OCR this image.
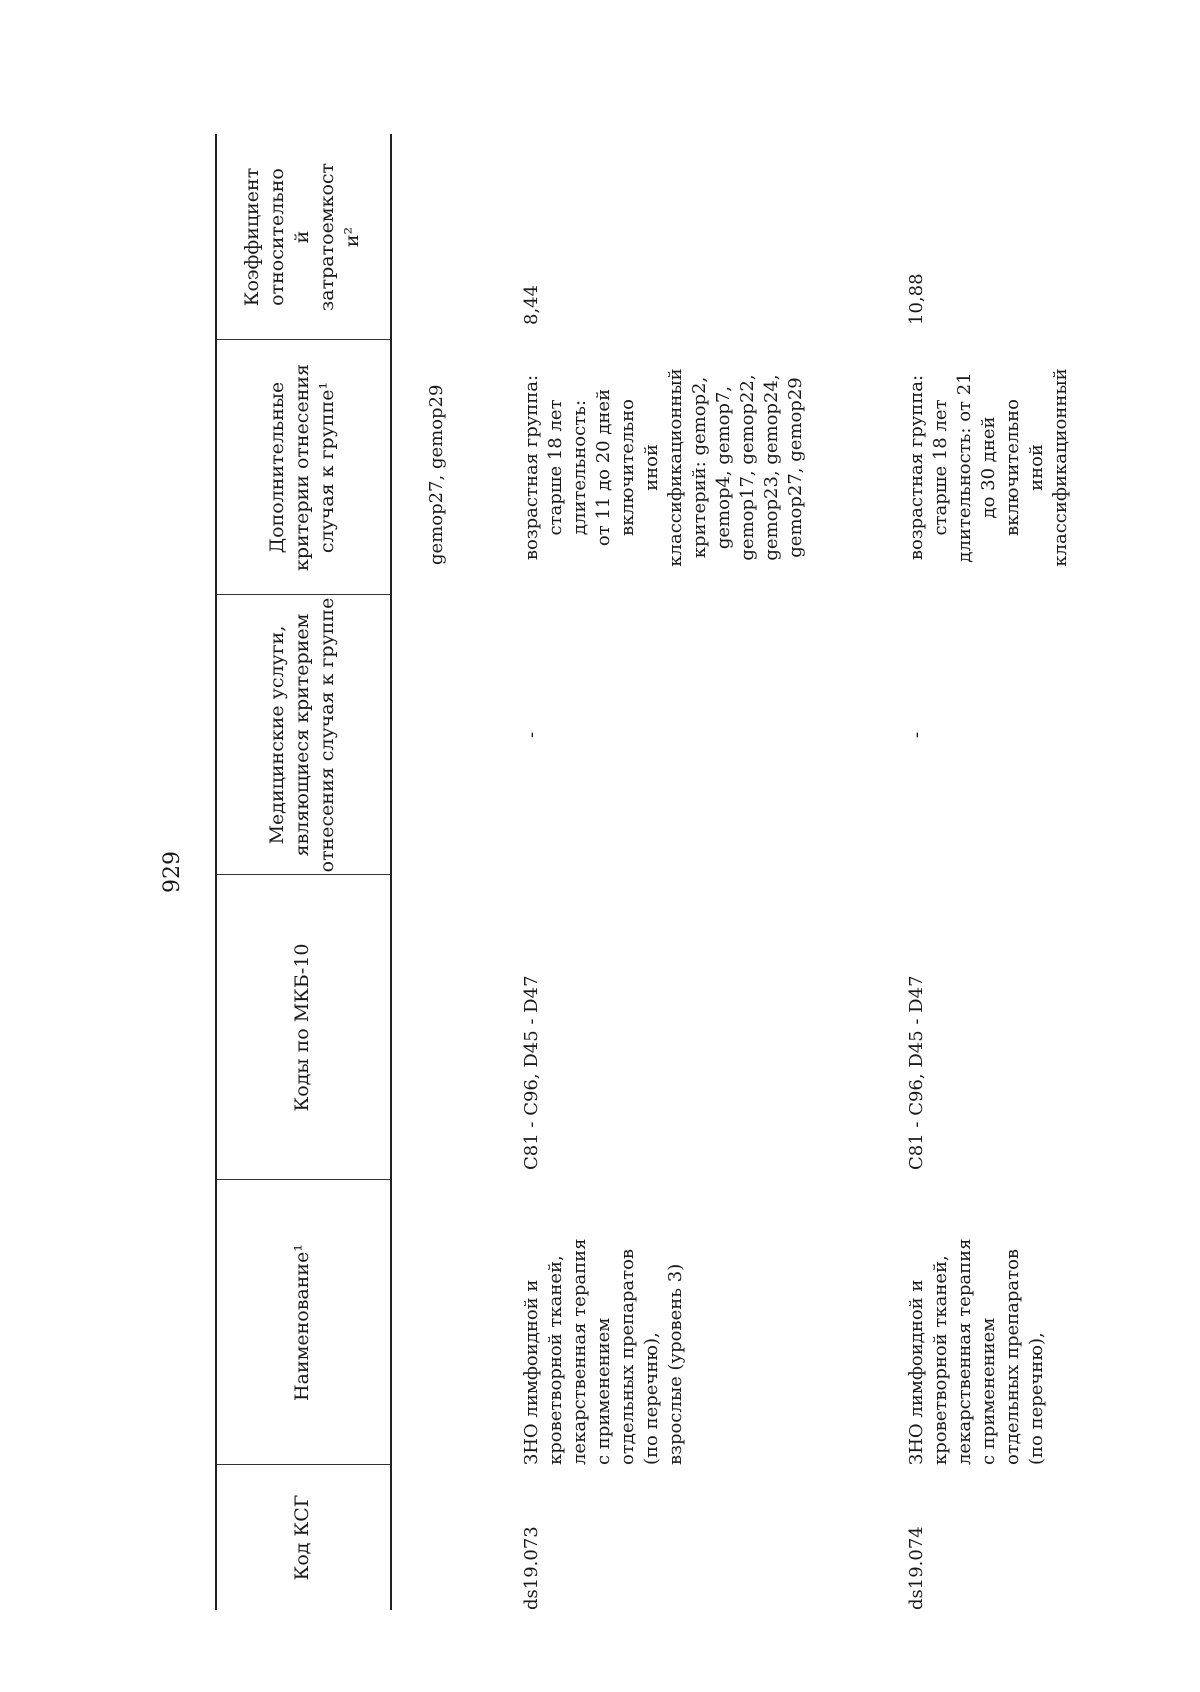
929
Код КСГ
Наименование¹
Коды по МКБ-10
Медицинские услуги,
являющиеся критерием
отнесения случая к группе
Дополнительные
критерии отнесения
случая к группе¹
Коэффициент
относительно
й
затратоемкост
и²
gemop27, gemop29
ds19.073
ЗНО лимфоидной и
кроветворной тканей,
лекарственная терапия
с применением
отдельных препаратов
(по перечню),
взрослые (уровень 3)
C81 - C96, D45 - D47
-
возрастная группа:
старше 18 лет
длительность:
от 11 до 20 дней
включительно
иной
классификационный
критерий: gemop2,
gemop4, gemop7,
gemop17, gemop22,
gemop23, gemop24,
gemop27, gemop29
8,44
ds19.074
ЗНО лимфоидной и
кроветворной тканей,
лекарственная терапия
с применением
отдельных препаратов
(по перечню),
C81 - C96, D45 - D47
-
возрастная группа:
старше 18 лет
длительность: от 21
до 30 дней
включительно
иной
классификационный
10,88
